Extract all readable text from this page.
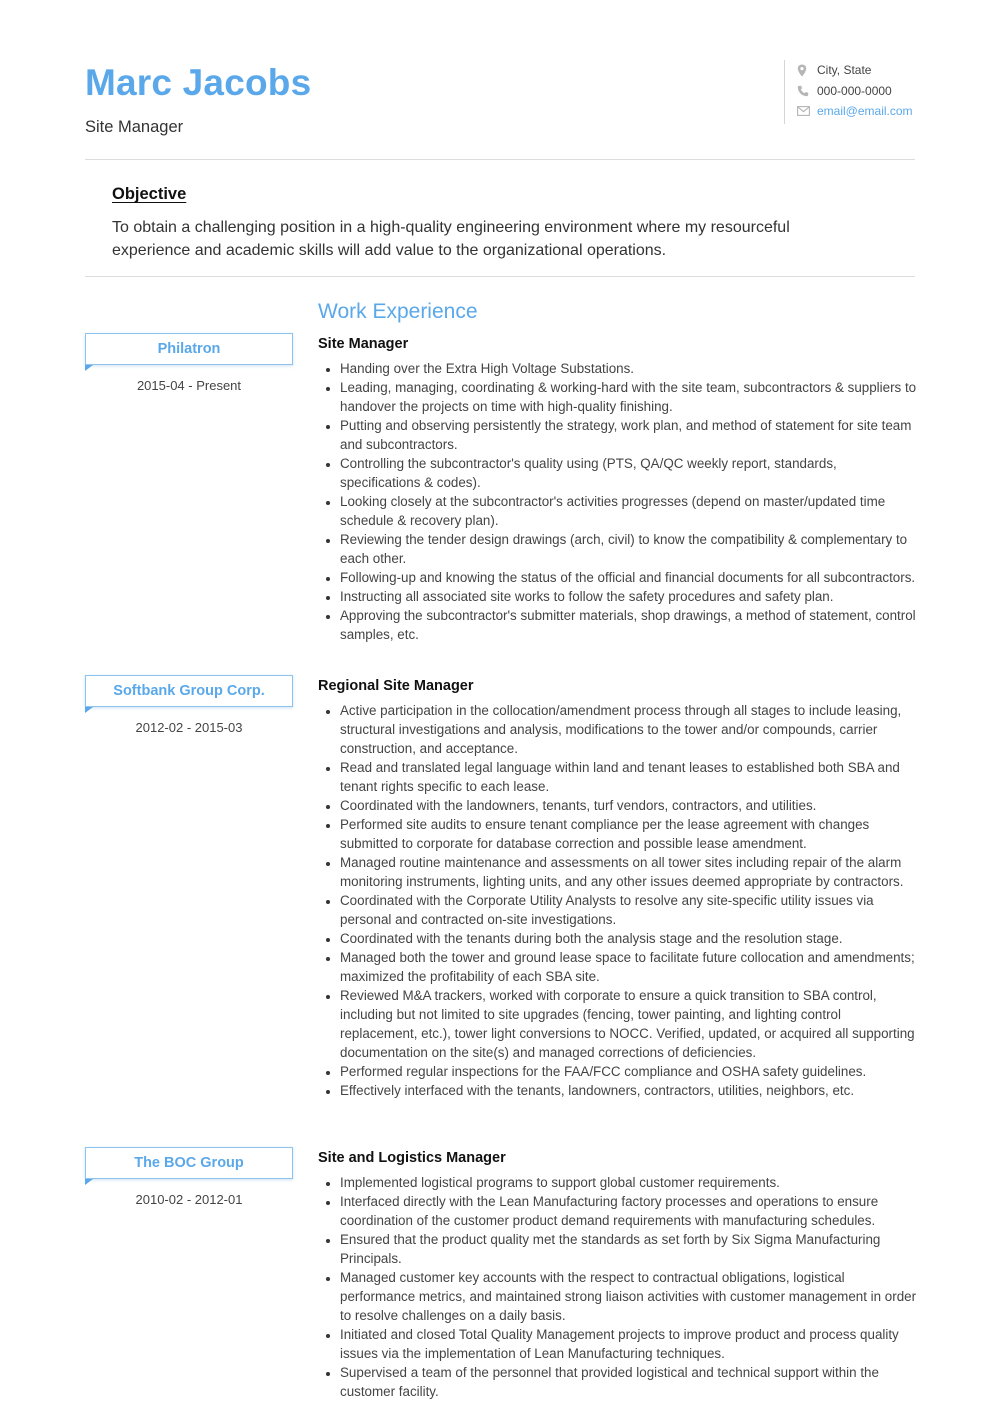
Marc Jacobs
Site Manager
City, State
000-000-0000
email@email.com
Objective

To obtain a challenging position in a high-quality engineering environment where my resourceful experience and academic skills will add value to the organizational operations.

Work Experience
Philatron
2015-04 - Present
Site Manager
• Handing over the Extra High Voltage Substations.
• Leading, managing, coordinating & working-hard with the site team, subcontractors & suppliers to handover the projects on time with high-quality finishing.
• Putting and observing persistently the strategy, work plan, and method of statement for site team and subcontractors.
• Controlling the subcontractor's quality using (PTS, QA/QC weekly report, standards, specifications & codes).
• Looking closely at the subcontractor's activities progresses (depend on master/updated time schedule & recovery plan).
• Reviewing the tender design drawings (arch, civil) to know the compatibility & complementary to each other.
• Following-up and knowing the status of the official and financial documents for all subcontractors.
• Instructing all associated site works to follow the safety procedures and safety plan.
• Approving the subcontractor's submitter materials, shop drawings, a method of statement, control samples, etc.
Softbank Group Corp.
2012-02 - 2015-03
Regional Site Manager
• Active participation in the collocation/amendment process through all stages to include leasing, structural investigations and analysis, modifications to the tower and/or compounds, carrier construction, and acceptance.
• Read and translated legal language within land and tenant leases to established both SBA and tenant rights specific to each lease.
• Coordinated with the landowners, tenants, turf vendors, contractors, and utilities.
• Performed site audits to ensure tenant compliance per the lease agreement with changes submitted to corporate for database correction and possible lease amendment.
• Managed routine maintenance and assessments on all tower sites including repair of the alarm monitoring instruments, lighting units, and any other issues deemed appropriate by contractors.
• Coordinated with the Corporate Utility Analysts to resolve any site-specific utility issues via personal and contracted on-site investigations.
• Coordinated with the tenants during both the analysis stage and the resolution stage.
• Managed both the tower and ground lease space to facilitate future collocation and amendments; maximized the profitability of each SBA site.
• Reviewed M&A trackers, worked with corporate to ensure a quick transition to SBA control, including but not limited to site upgrades (fencing, tower painting, and lighting control replacement, etc.), tower light conversions to NOCC. Verified, updated, or acquired all supporting documentation on the site(s) and managed corrections of deficiencies.
• Performed regular inspections for the FAA/FCC compliance and OSHA safety guidelines.
• Effectively interfaced with the tenants, landowners, contractors, utilities, neighbors, etc.
The BOC Group
2010-02 - 2012-01
Site and Logistics Manager
• Implemented logistical programs to support global customer requirements.
• Interfaced directly with the Lean Manufacturing factory processes and operations to ensure coordination of the customer product demand requirements with manufacturing schedules.
• Ensured that the product quality met the standards as set forth by Six Sigma Manufacturing Principals.
• Managed customer key accounts with the respect to contractual obligations, logistical performance metrics, and maintained strong liaison activities with customer management in order to resolve challenges on a daily basis.
• Initiated and closed Total Quality Management projects to improve product and process quality issues via the implementation of Lean Manufacturing techniques.
• Supervised a team of the personnel that provided logistical and technical support within the customer facility.
